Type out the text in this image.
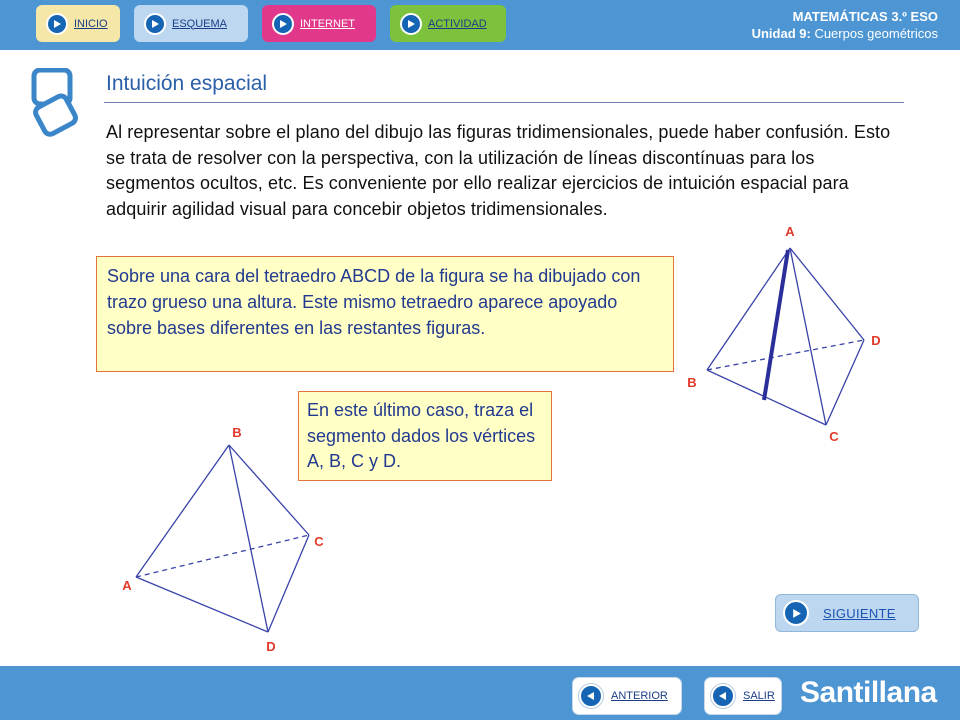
INICIO	ESQUEMA	INTERNET	ACTIVIDAD	MATEMÁTICAS 3.º ESO
Unidad 9: Cuerpos geométricos
Intuición espacial
Al representar sobre el plano del dibujo las figuras tridimensionales, puede haber confusión. Esto se trata de resolver con la perspectiva, con la utilización de líneas discontínuas para los segmentos ocultos, etc. Es conveniente por ello realizar ejercicios de intuición espacial para adquirir agilidad visual para concebir objetos tridimensionales.
Sobre una cara del tetraedro ABCD de la figura se ha dibujado con trazo grueso una altura. Este mismo tetraedro aparece apoyado sobre bases diferentes en las restantes figuras.
En este último caso, traza el segmento dados los vértices A, B, C y D.
A
B
C
D
B
A
C
D
SIGUIENTE
ANTERIOR	SALIR Santillana
